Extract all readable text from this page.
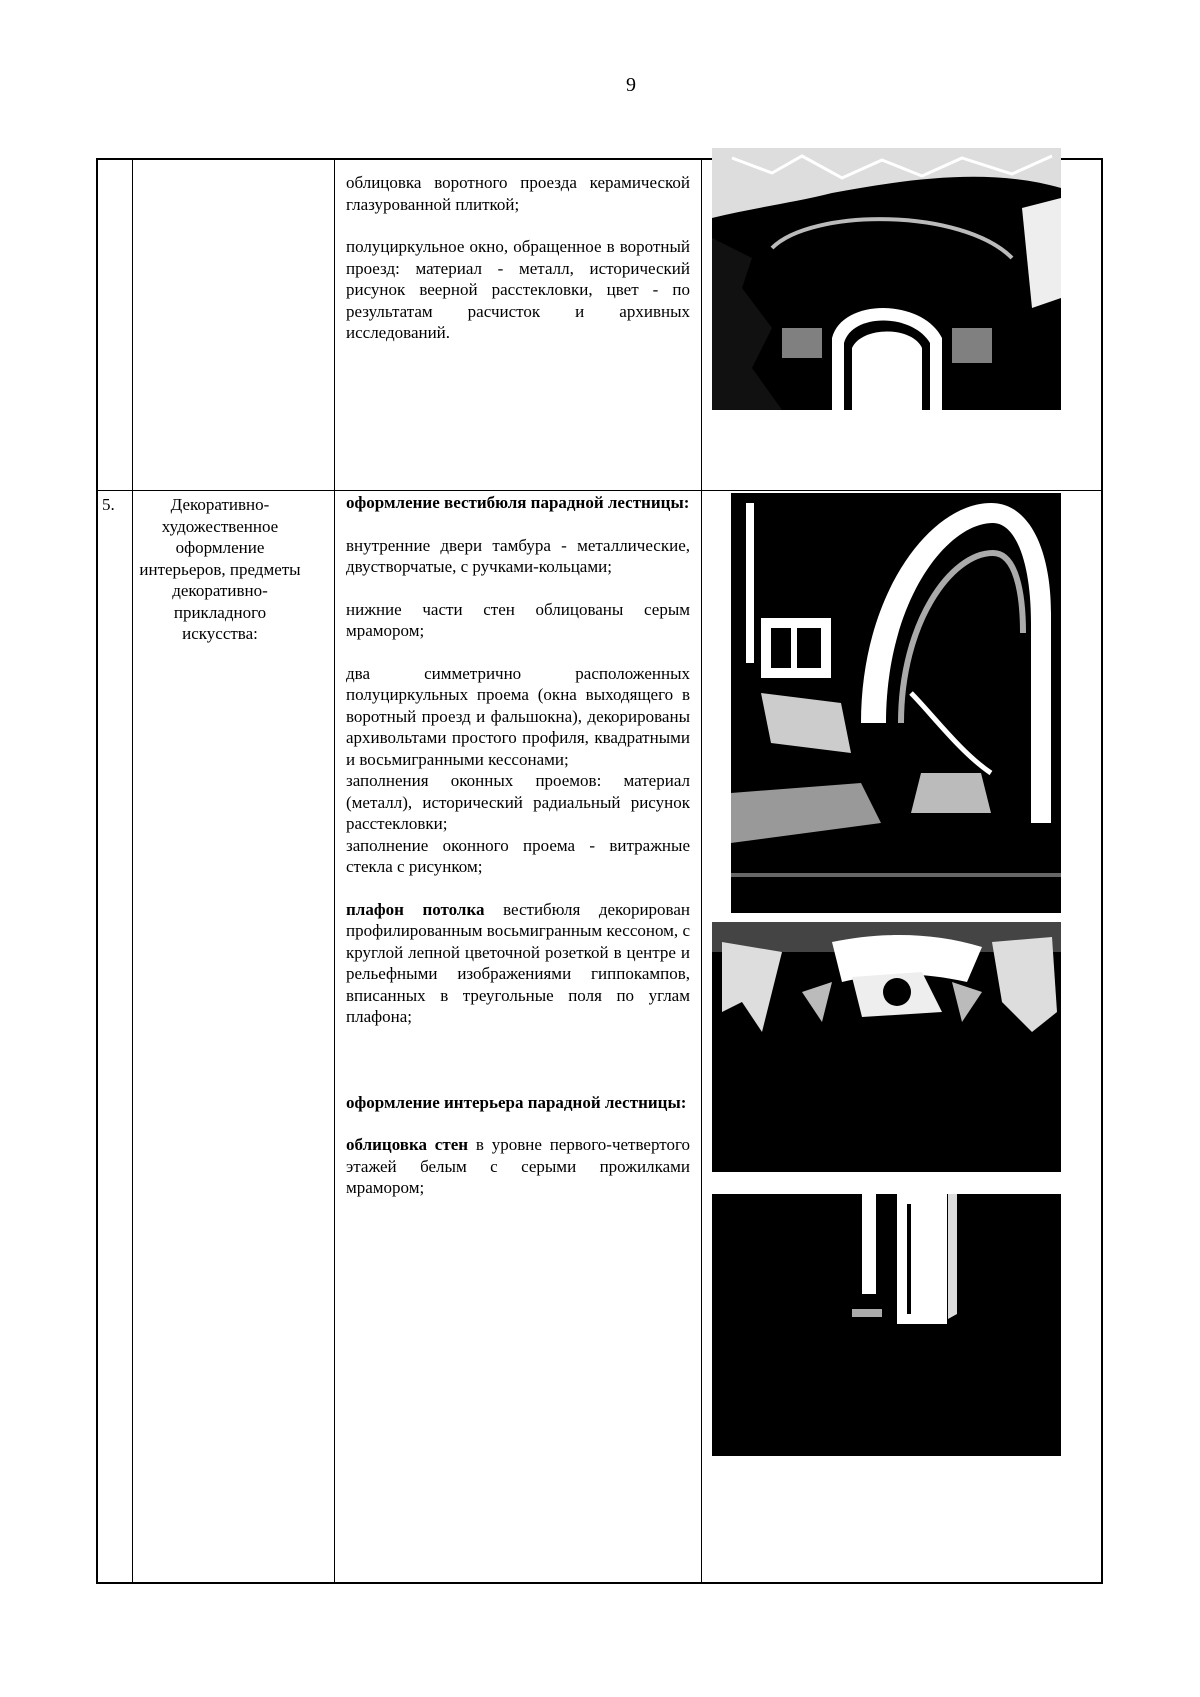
9

облицовка воротного проезда керамической глазурованной плиткой;

полуциркульное окно, обращенное в воротный проезд: материал - металл, исторический рисунок веерной расстекловки, цвет - по результатам расчисток и архивных исследований.

5.	Декоративно-художественное оформление интерьеров, предметы декоративно-прикладного искусства:

оформление вестибюля парадной лестницы:

внутренние двери тамбура - металлические, двустворчатые, с ручками-кольцами;

нижние части стен облицованы серым мрамором;

два симметрично расположенных полуциркульных проема (окна выходящего в воротный проезд и фальшокна), декорированы архивольтами простого профиля, квадратными и восьмигранными кессонами;

заполнения оконных проемов: материал (металл), исторический радиальный рисунок расстекловки;

заполнение оконного проема - витражные стекла с рисунком;

плафон потолка вестибюля декорирован профилированным восьмигранным кессоном, с круглой лепной цветочной розеткой в центре и рельефными изображениями гиппокампов, вписанных в треугольные поля по углам плафона;

оформление интерьера парадной лестницы:

облицовка стен в уровне первого-четвертого этажей белым с серыми прожилками мрамором;
